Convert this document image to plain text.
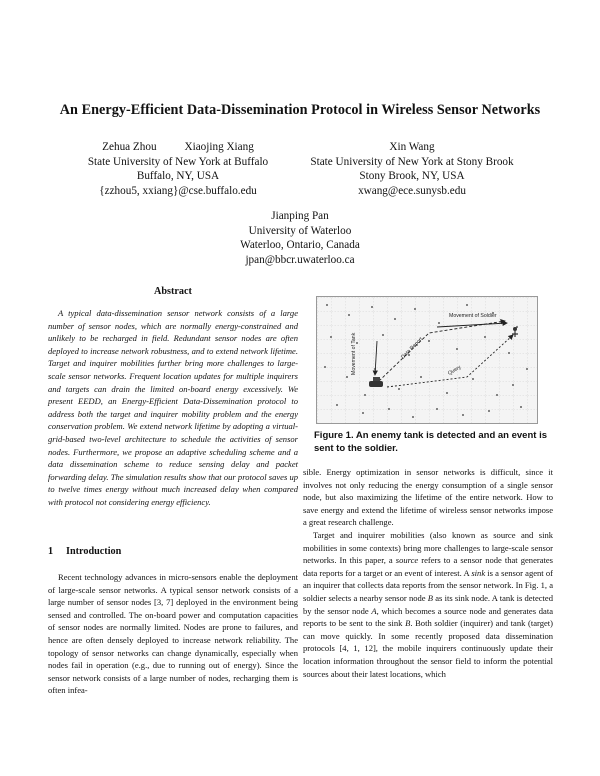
An Energy-Efficient Data-Dissemination Protocol in Wireless Sensor Networks
Zehua Zhou Xiaojing Xiang
State University of New York at Buffalo
Buffalo, NY, USA
{zzhou5, xxiang}@cse.buffalo.edu
Xin Wang
State University of New York at Stony Brook
Stony Brook, NY, USA
xwang@ece.sunysb.edu
Jianping Pan
University of Waterloo
Waterloo, Ontario, Canada
jpan@bbcr.uwaterloo.ca
Abstract

A typical data-dissemination sensor network consists of a large number of sensor nodes, which are normally energy-constrained and unlikely to be recharged in field. Redundant sensor nodes are often deployed to increase network robustness, and to extend network lifetime. Target and inquirer mobilities further bring more challenges to large-scale sensor networks. Frequent location updates for multiple inquirers and targets can drain the limited on-board energy excessively. We present EEDD, an Energy-Efficient Data-Dissemination protocol to address both the target and inquirer mobility problem and the energy conservation problem. We extend network lifetime by adopting a virtual-grid-based two-level architecture to schedule the activities of sensor nodes. Furthermore, we propose an adaptive scheduling scheme and a data dissemination scheme to reduce sensing delay and packet forwarding delay. The simulation results show that our protocol saves up to twelve times energy without much increased delay when compared with protocol not considering energy efficiency.

1 Introduction

Recent technology advances in micro-sensors enable the deployment of large-scale sensor networks. A typical sensor network consists of a large number of sensor nodes [3, 7] deployed in the environment being sensed and controlled. The on-board power and computation capacities of sensor nodes are normally limited. Nodes are prone to failures, and hence are often densely deployed to increase network reliability. The topology of sensor networks can change dynamically, especially when nodes fail in operation (e.g., due to running out of energy). Since the sensor network consists of a large number of nodes, recharging them is often infea-

Movement of Soldier
Movement of Tank	Data Report
Query
Figure 1. An enemy tank is detected and an event is sent to the soldier.

sible. Energy optimization in sensor networks is difficult, since it involves not only reducing the energy consumption of a single sensor node, but also maximizing the lifetime of the entire network. How to save energy and extend the lifetime of wireless sensor networks impose a great research challenge.

Target and inquirer mobilities (also known as source and sink mobilities in some contexts) bring more challenges to large-scale sensor networks. In this paper, a source refers to a sensor node that generates data reports for a target or an event of interest. A sink is a sensor agent of an inquirer that collects data reports from the sensor network. In Fig. 1, a soldier selects a nearby sensor node B as its sink node. A tank is detected by the sensor node A, which becomes a source node and generates data reports to be sent to the sink B. Both soldier (inquirer) and tank (target) can move quickly. In some recently proposed data dissemination protocols [4, 1, 12], the mobile inquirers continuously update their location information throughout the sensor field to inform the potential sources about their latest locations, which
